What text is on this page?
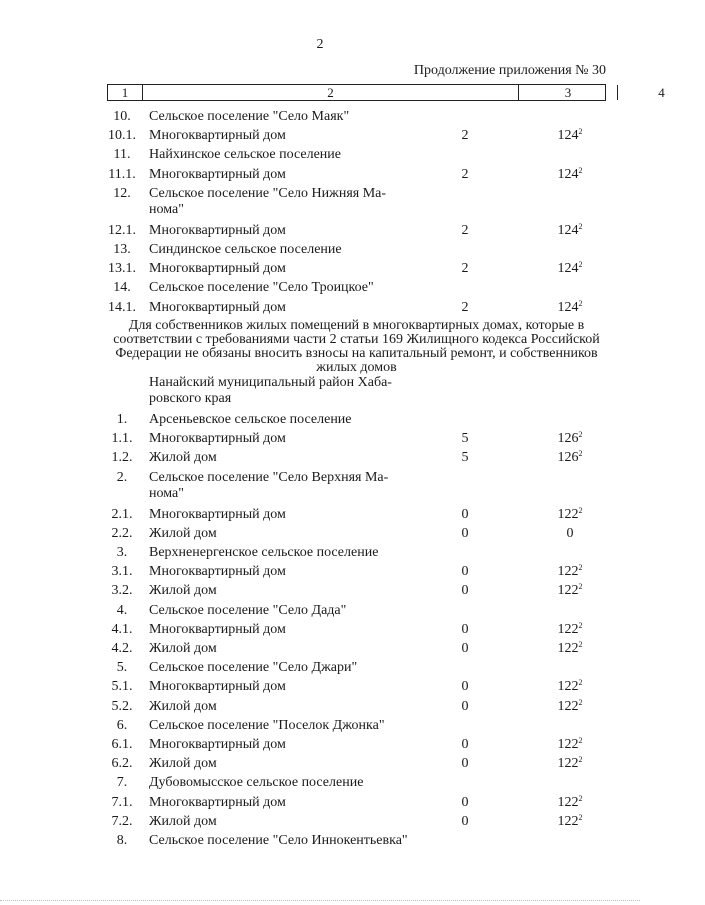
2
Продолжение приложения № 30
1	2	3	4
10.	Сельское поселение "Село Маяк"
10.1. Многоквартирный дом	2	$124^2$
11.	Найхинское сельское поселение
11.1. Многоквартирный дом	2	$124^2$
12.	Сельское поселение "Село Нижняя Ма-
нома"
12.1. Многоквартирный дом	2	$124^2$
13.	Синдинское сельское поселение
13.1. Многоквартирный дом	2	$124^2$
14.	Сельское поселение "Село Троицкое"
14.1. Многоквартирный дом	2	$124^2$
Для собственников жилых помещений в многоквартирных домах, которые в соответствии с требованиями части 2 статьи 169 Жилищного кодекса Российской Федерации не обязаны вносить взносы на капитальный ремонт, и собственников жилых домов
Нанайский муниципальный район Хаба-
ровского края
1.	Арсеньевское сельское поселение
1.1.	Многоквартирный дом	5	$126^2$
1.2.	Жилой дом	5	$126^2$
2.	Сельское поселение "Село Верхняя Ма-
нома"
2.1.	Многоквартирный дом	0	$122^2$
2.2.	Жилой дом	0	0
3.	Верхненергенское сельское поселение
3.1.	Многоквартирный дом	0	$122^2$
3.2.	Жилой дом	0	$122^2$
4.	Сельское поселение "Село Дада"
4.1.	Многоквартирный дом	0	$122^2$
4.2.	Жилой дом	0	$122^2$
5.	Сельское поселение "Село Джари"
5.1.	Многоквартирный дом	0	$122^2$
5.2.	Жилой дом	0	$122^2$
6.	Сельское поселение "Поселок Джонка"
6.1.	Многоквартирный дом	0	$122^2$
6.2.	Жилой дом	0	$122^2$
7.	Дубовомысское сельское поселение
7.1.	Многоквартирный дом	0	$122^2$
7.2.	Жилой дом	0	$122^2$
8.	Сельское поселение "Село Иннокентьевка"
